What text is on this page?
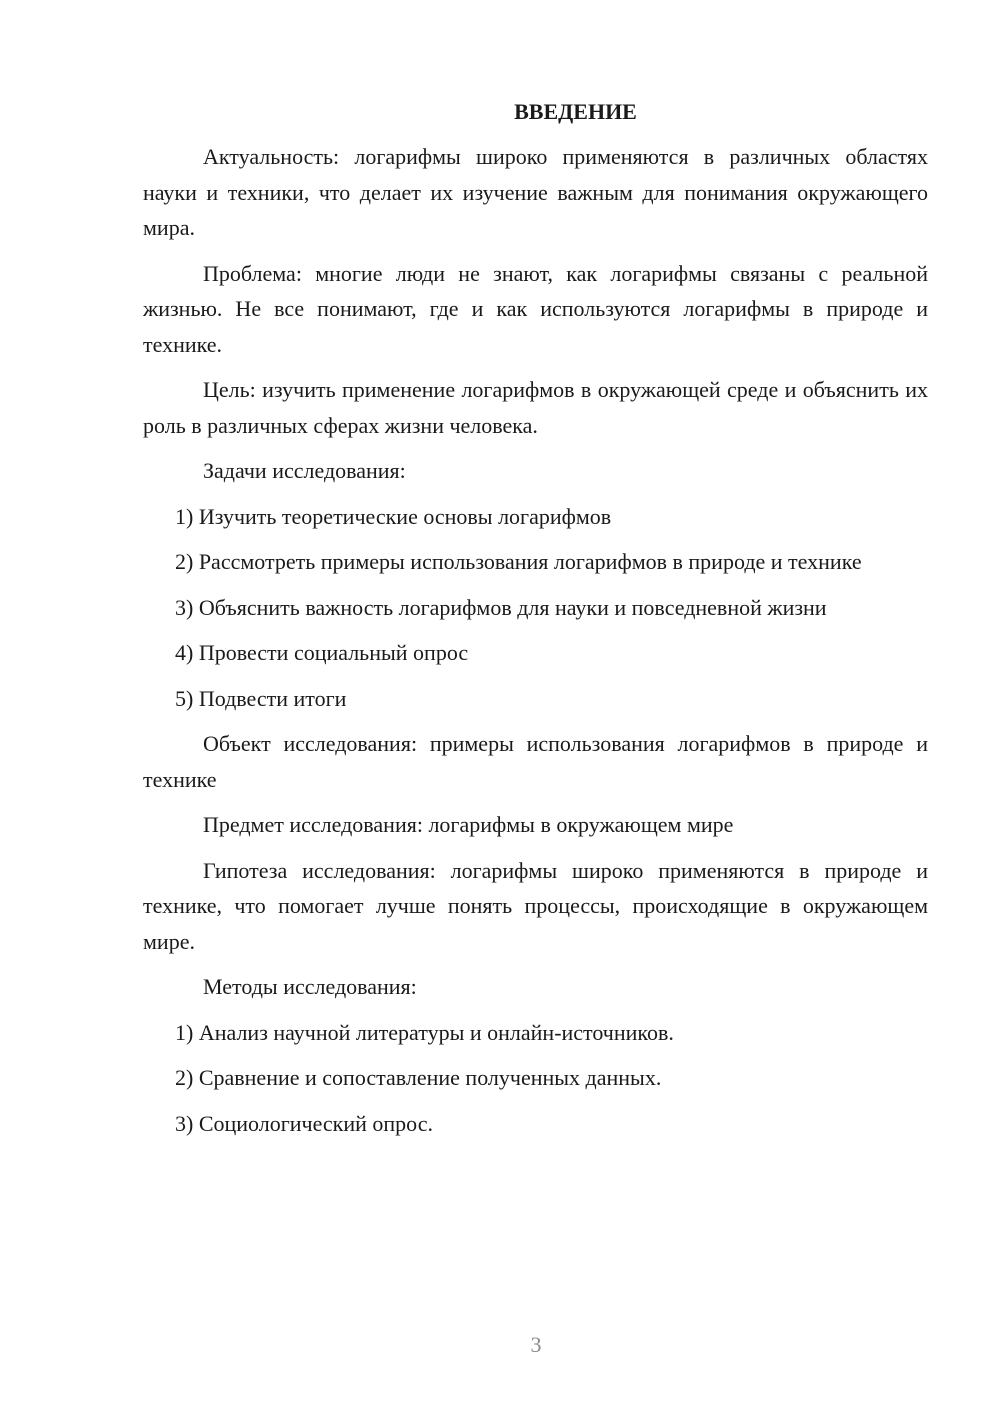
ВВЕДЕНИЕ

Актуальность: логарифмы широко применяются в различных областях науки и техники, что делает их изучение важным для понимания окружающего мира.

Проблема: многие люди не знают, как логарифмы связаны с реальной жизнью. Не все понимают, где и как используются логарифмы в природе и технике.

Цель: изучить применение логарифмов в окружающей среде и объяснить их роль в различных сферах жизни человека.

Задачи исследования:

1) Изучить теоретические основы логарифмов

2) Рассмотреть примеры использования логарифмов в природе и технике

3) Объяснить важность логарифмов для науки и повседневной жизни

4) Провести социальный опрос

5) Подвести итоги

Объект исследования: примеры использования логарифмов в природе и технике

Предмет исследования: логарифмы в окружающем мире

Гипотеза исследования: логарифмы широко применяются в природе и технике, что помогает лучше понять процессы, происходящие в окружающем мире.

Методы исследования:

1) Анализ научной литературы и онлайн-источников.

2) Сравнение и сопоставление полученных данных.

3) Социологический опрос.

3
